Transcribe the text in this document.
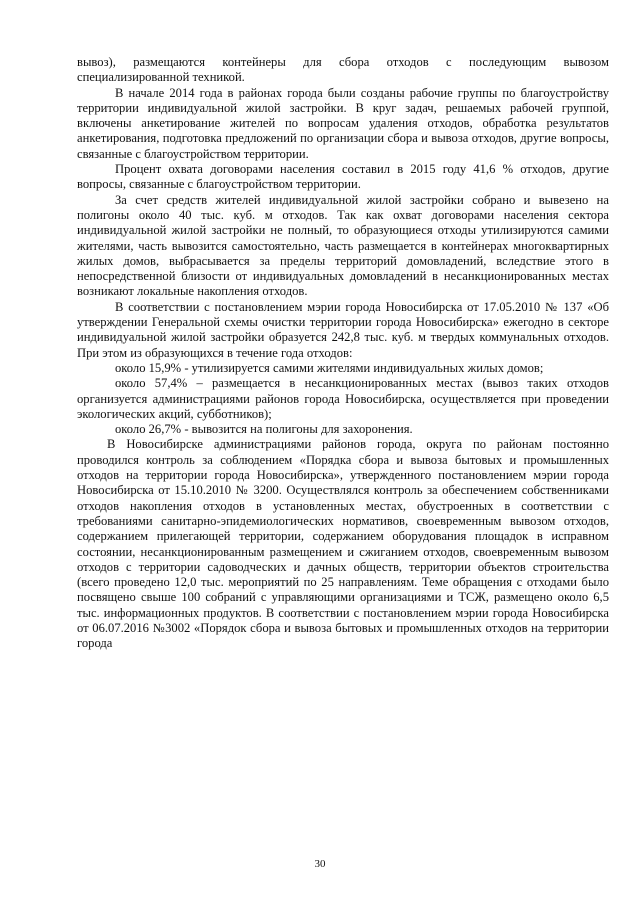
вывоз), размещаются контейнеры для сбора отходов с последующим вывозом специализированной техникой.

В начале 2014 года в районах города были созданы рабочие группы по благоустройству территории индивидуальной жилой застройки. В круг задач, решаемых рабочей группой, включены анкетирование жителей по вопросам удаления отходов, обработка результатов анкетирования, подготовка предложений по организации сбора и вывоза отходов, другие вопросы, связанные с благоустройством территории.

Процент охвата договорами населения составил в 2015 году 41,6 % отходов, другие вопросы, связанные с благоустройством территории.

За счет средств жителей индивидуальной жилой застройки собрано и вывезено на полигоны около 40 тыс. куб. м отходов. Так как охват договорами населения сектора индивидуальной жилой застройки не полный, то образующиеся отходы утилизируются самими жителями, часть вывозится самостоятельно, часть размещается в контейнерах многоквартирных жилых домов, выбрасывается за пределы территорий домовладений, вследствие этого в непосредственной близости от индивидуальных домовладений в несанкционированных местах возникают локальные накопления отходов.

В соответствии с постановлением мэрии города Новосибирска от 17.05.2010 № 137 «Об утверждении Генеральной схемы очистки территории города Новосибирска» ежегодно в секторе индивидуальной жилой застройки образуется 242,8 тыс. куб. м твердых коммунальных отходов. При этом из образующихся в течение года отходов:

около 15,9% - утилизируется самими жителями индивидуальных жилых домов;

около 57,4% – размещается в несанкционированных местах (вывоз таких отходов организуется администрациями районов города Новосибирска, осуществляется при проведении экологических акций, субботников);

около 26,7% - вывозится на полигоны для захоронения.

В Новосибирске администрациями районов города, округа по районам постоянно проводился контроль за соблюдением «Порядка сбора и вывоза бытовых и промышленных отходов на территории города Новосибирска», утвержденного постановлением мэрии города Новосибирска от 15.10.2010 № 3200. Осуществлялся контроль за обеспечением собственниками отходов накопления отходов в установленных местах, обустроенных в соответствии с требованиями санитарно-эпидемиологических нормативов, своевременным вывозом отходов, содержанием прилегающей территории, содержанием оборудования площадок в исправном состоянии, несанкционированным размещением и сжиганием отходов, своевременным вывозом отходов с территории садоводческих и дачных обществ, территории объектов строительства (всего проведено 12,0 тыс. мероприятий по 25 направлениям. Теме обращения с отходами было посвящено свыше 100 собраний с управляющими организациями и ТСЖ, размещено около 6,5 тыс. информационных продуктов. В соответствии с постановлением мэрии города Новосибирска от 06.07.2016 №3002 «Порядок сбора и вывоза бытовых и промышленных отходов на территории города

30
